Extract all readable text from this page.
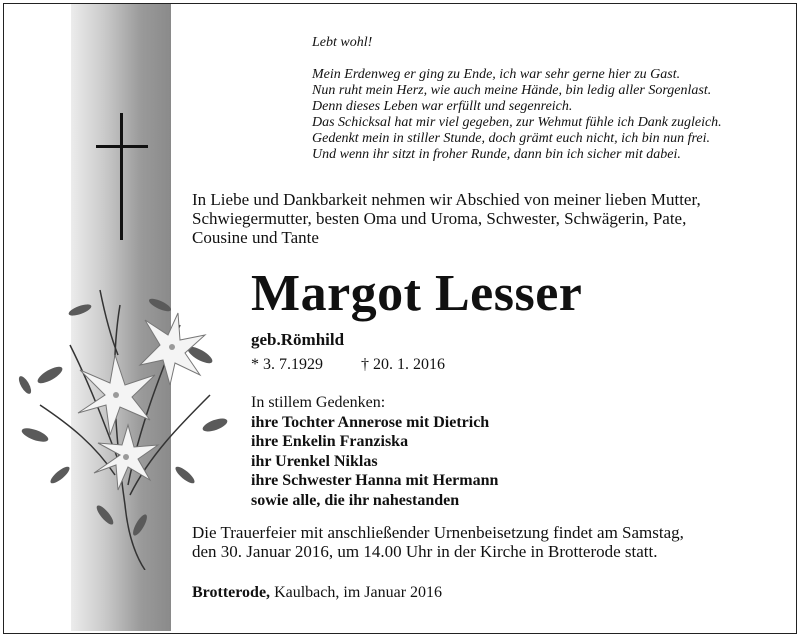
Lebt wohl!
Mein Erdenweg er ging zu Ende, ich war sehr gerne hier zu Gast.
Nun ruht mein Herz, wie auch meine Hände, bin ledig aller Sorgenlast.
Denn dieses Leben war erfüllt und segenreich.
Das Schicksal hat mir viel gegeben, zur Wehmut fühle ich Dank zugleich.
Gedenkt mein in stiller Stunde, doch grämt euch nicht, ich bin nun frei.
Und wenn ihr sitzt in froher Runde, dann bin ich sicher mit dabei.
In Liebe und Dankbarkeit nehmen wir Abschied von meiner lieben Mutter,
Schwiegermutter, besten Oma und Uroma, Schwester, Schwägerin, Pate,
Cousine und Tante
Margot Lesser
geb.Römhild
* 3. 7.1929 † 20. 1. 2016
In stillem Gedenken:
ihre Tochter Annerose mit Dietrich
ihre Enkelin Franziska
ihr Urenkel Niklas
ihre Schwester Hanna mit Hermann
sowie alle, die ihr nahestanden
Die Trauerfeier mit anschließender Urnenbeisetzung findet am Samstag,
den 30. Januar 2016, um 14.00 Uhr in der Kirche in Brotterode statt.
Brotterode, Kaulbach, im Januar 2016
